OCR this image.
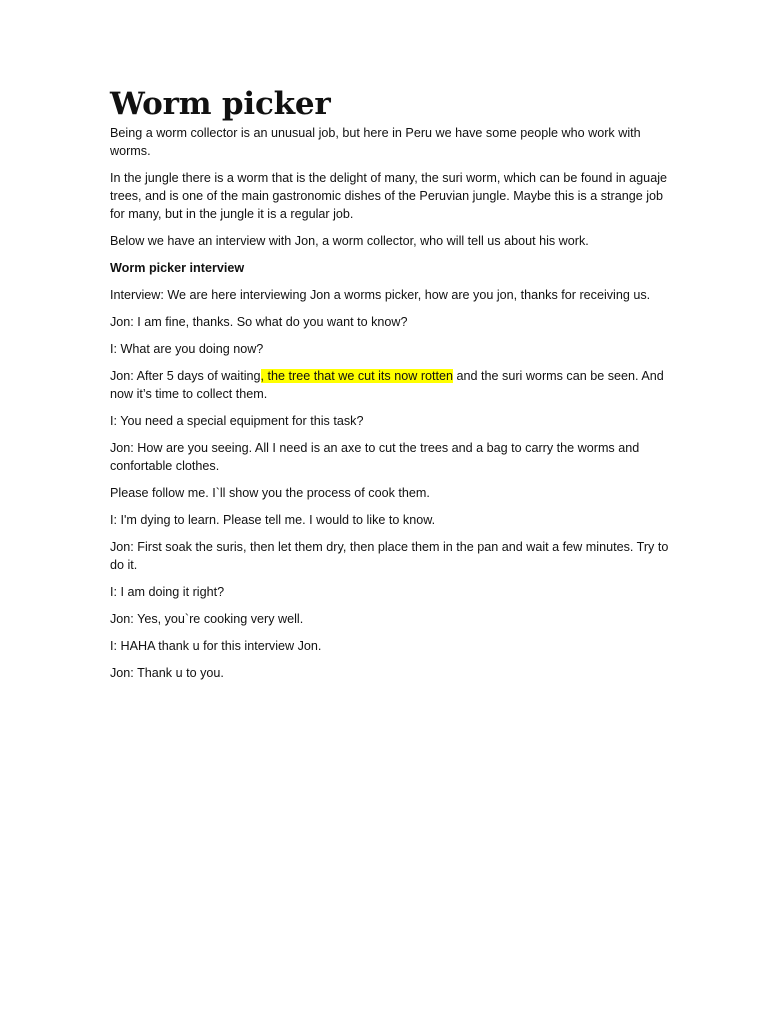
Worm picker

Being a worm collector is an unusual job, but here in Peru we have some people who work with worms.

In the jungle there is a worm that is the delight of many, the suri worm, which can be found in aguaje trees, and is one of the main gastronomic dishes of the Peruvian jungle. Maybe this is a strange job for many, but in the jungle it is a regular job.

Below we have an interview with Jon, a worm collector, who will tell us about his work.

Worm picker interview

Interview: We are here interviewing Jon a worms picker, how are you jon, thanks for receiving us.

Jon: I am fine, thanks. So what do you want to know?

I: What are you doing now?

Jon: After 5 days of waiting, the tree that we cut its now rotten and the suri worms can be seen. And now it’s time to collect them.

I: You need a special equipment for this task?

Jon: How are you seeing. All I need is an axe to cut the trees and a bag to carry the worms and confortable clothes.

Please follow me. I`ll show you the process of cook them.

I: I'm dying to learn. Please tell me. I would to like to know.

Jon: First soak the suris, then let them dry, then place them in the pan and wait a few minutes. Try to do it.

I: I am doing it right?

Jon: Yes, you`re cooking very well.

I: HAHA thank u for this interview Jon.

Jon: Thank u to you.
